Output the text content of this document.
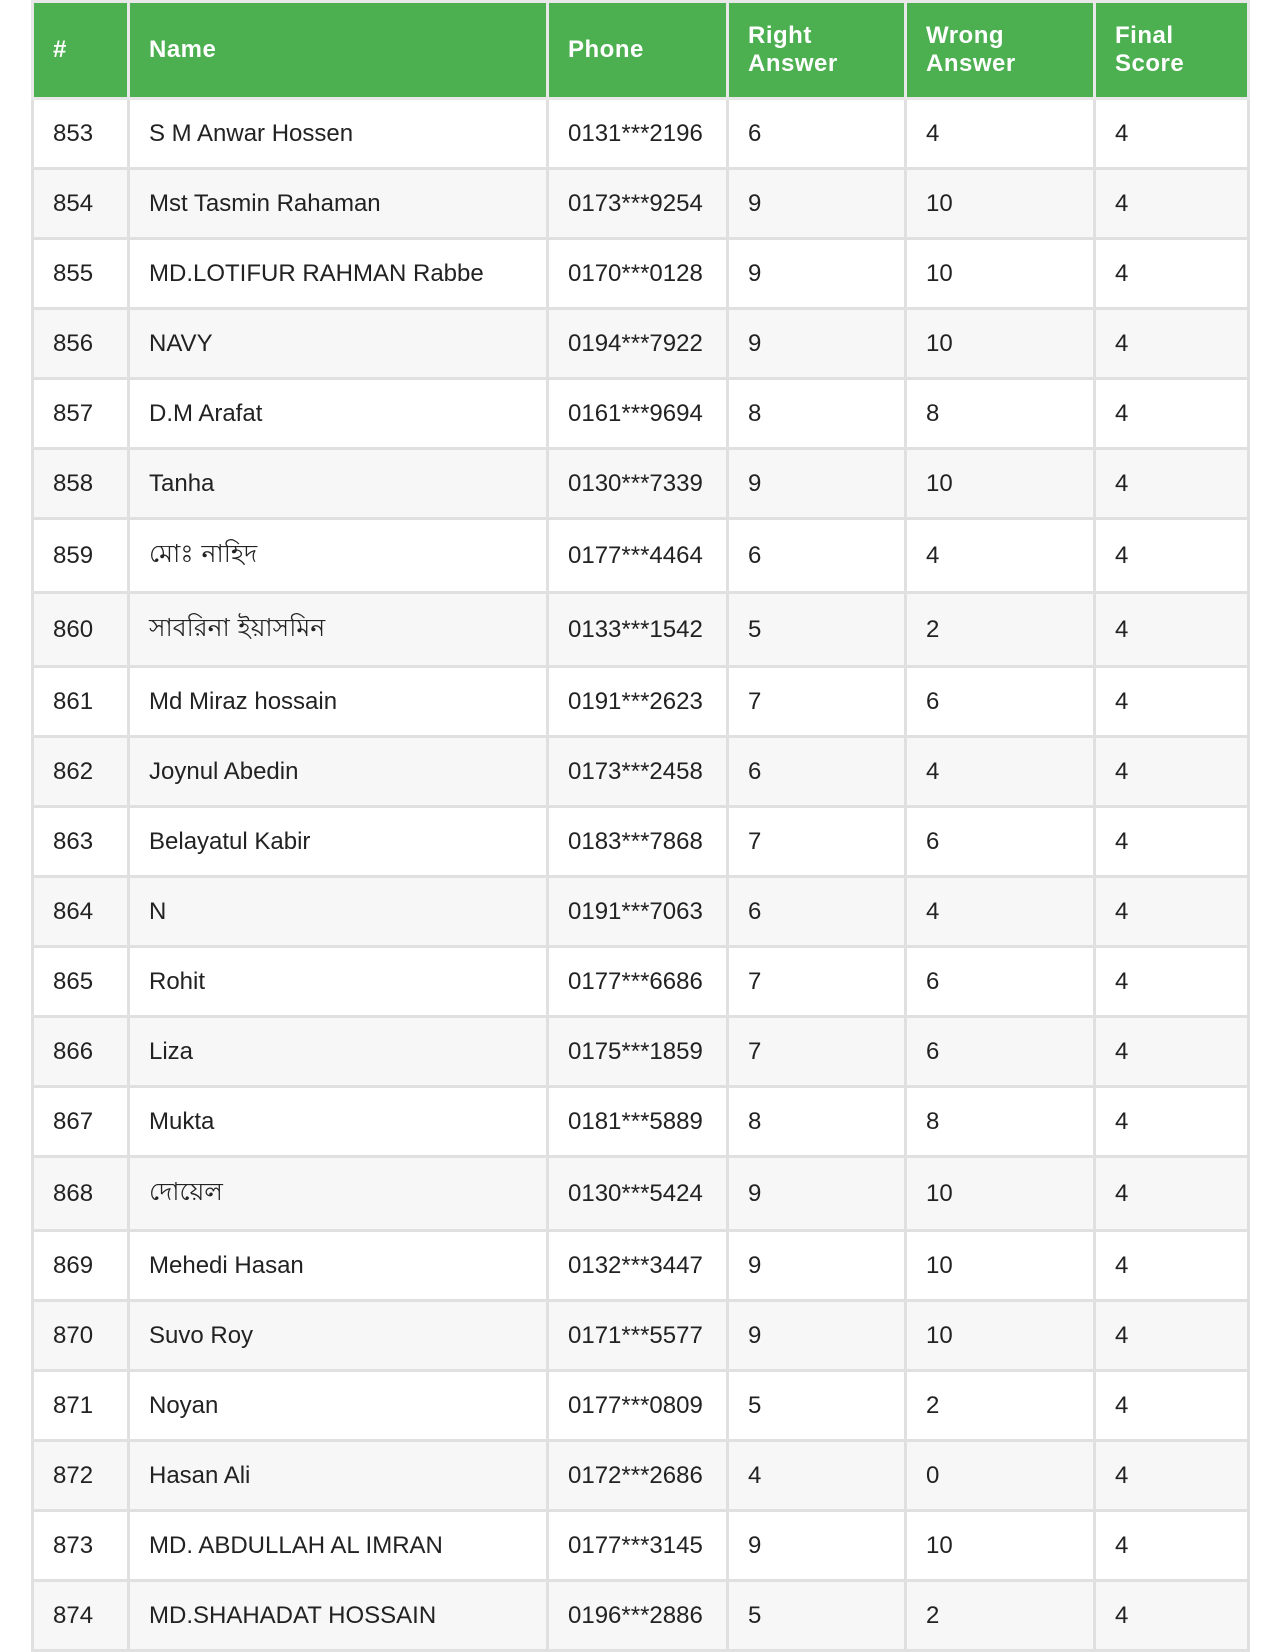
#	Name	Phone	Right Answer	Wrong Answer	Final Score
853	S M Anwar Hossen	0131***2196	6	4	4
854	Mst Tasmin Rahaman	0173***9254	9	10	4
855	MD.LOTIFUR RAHMAN Rabbe	0170***0128	9	10	4
856	NAVY	0194***7922	9	10	4
857	D.M Arafat	0161***9694	8	8	4
858	Tanha	0130***7339	9	10	4
859	মোঃ নাহিদ	0177***4464	6	4	4
860	সাবরিনা ইয়াসমিন	0133***1542	5	2	4
861	Md Miraz hossain	0191***2623	7	6	4
862	Joynul Abedin	0173***2458	6	4	4
863	Belayatul Kabir	0183***7868	7	6	4
864	N	0191***7063	6	4	4
865	Rohit	0177***6686	7	6	4
866	Liza	0175***1859	7	6	4
867	Mukta	0181***5889	8	8	4
868	দোয়েল	0130***5424	9	10	4
869	Mehedi Hasan	0132***3447	9	10	4
870	Suvo Roy	0171***5577	9	10	4
871	Noyan	0177***0809	5	2	4
872	Hasan Ali	0172***2686	4	0	4
873	MD. ABDULLAH AL IMRAN	0177***3145	9	10	4
874	MD.SHAHADAT HOSSAIN	0196***2886	5	2	4
